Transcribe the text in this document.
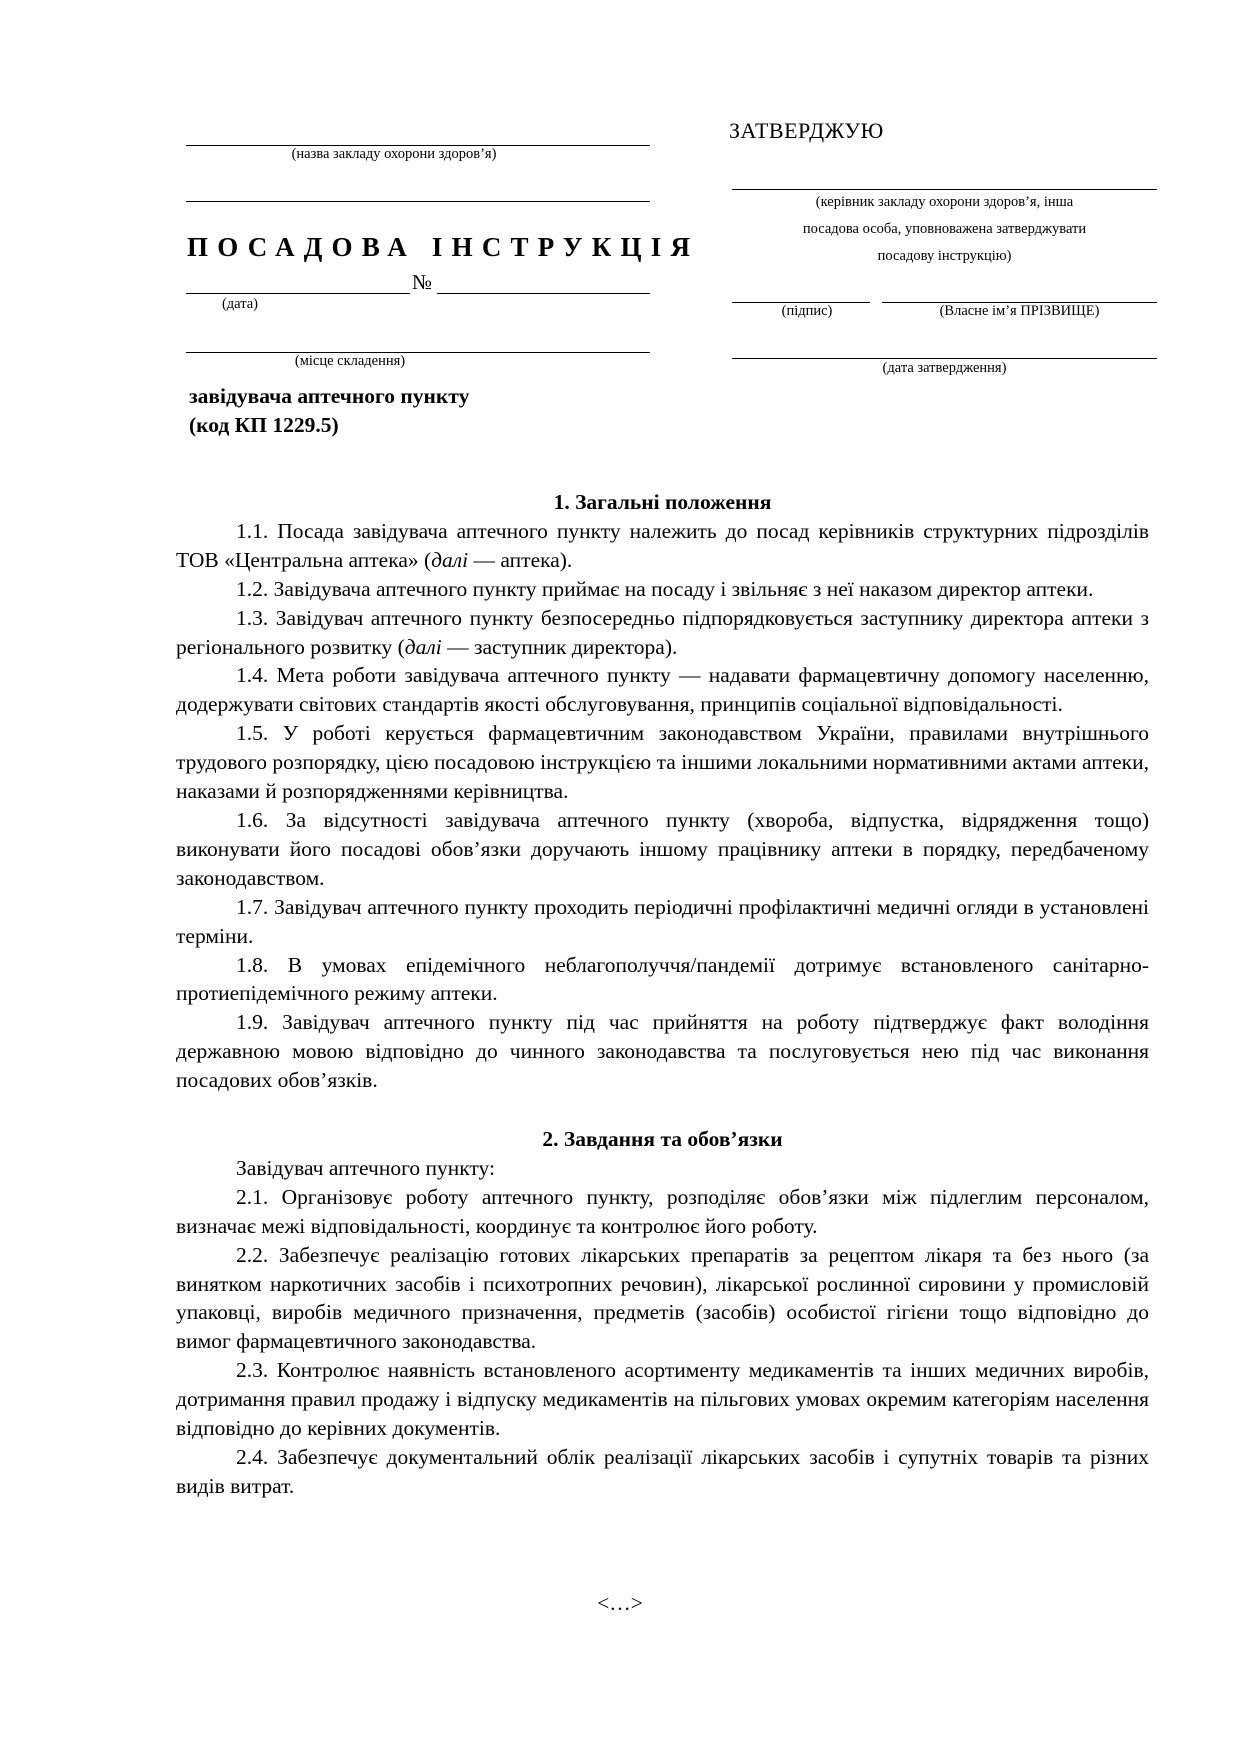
(назва закладу охорони здоров’я)
ПОСАДОВА ІНСТРУКЦІЯ
№
(дата)
(місце складення)
завідувача аптечного пункту
(код КП 1229.5)
ЗАТВЕРДЖУЮ
(керівник закладу охорони здоров’я, інша
посадова особа, уповноважена затверджувати
посадову інструкцію)
(підпис)	(Власне ім’я ПРІЗВИЩЕ)
(дата затвердження)
1. Загальні положення

1.1. Посада завідувача аптечного пункту належить до посад керівників структурних підрозділів ТОВ «Центральна аптека» (далі — аптека).

1.2. Завідувача аптечного пункту приймає на посаду і звільняє з неї наказом директор аптеки.

1.3. Завідувач аптечного пункту безпосередньо підпорядковується заступнику директора аптеки з регіонального розвитку (далі — заступник директора).

1.4. Мета роботи завідувача аптечного пункту — надавати фармацевтичну допомогу населенню, додержувати світових стандартів якості обслуговування, принципів соціальної відповідальності.

1.5. У роботі керується фармацевтичним законодавством України, правилами внутрішнього трудового розпорядку, цією посадовою інструкцією та іншими локальними нормативними актами аптеки, наказами й розпорядженнями керівництва.

1.6. За відсутності завідувача аптечного пункту (хвороба, відпустка, відрядження тощо) виконувати його посадові обов’язки доручають іншому працівнику аптеки в порядку, передбаченому законодавством.

1.7. Завідувач аптечного пункту проходить періодичні профілактичні медичні огляди в установлені терміни.

1.8. В умовах епідемічного неблагополуччя/пандемії дотримує встановленого санітарно-протиепідемічного режиму аптеки.

1.9. Завідувач аптечного пункту під час прийняття на роботу підтверджує факт володіння державною мовою відповідно до чинного законодавства та послуговується нею під час виконання посадових обов’язків.

2. Завдання та обов’язки

Завідувач аптечного пункту:

2.1. Організовує роботу аптечного пункту, розподіляє обов’язки між підлеглим персоналом, визначає межі відповідальності, координує та контролює його роботу.

2.2. Забезпечує реалізацію готових лікарських препаратів за рецептом лікаря та без нього (за винятком наркотичних засобів і психотропних речовин), лікарської рослинної сировини у промисловій упаковці, виробів медичного призначення, предметів (засобів) особистої гігієни тощо відповідно до вимог фармацевтичного законодавства.

2.3. Контролює наявність встановленого асортименту медикаментів та інших медичних виробів, дотримання правил продажу і відпуску медикаментів на пільгових умовах окремим категоріям населення відповідно до керівних документів.

2.4. Забезпечує документальний облік реалізації лікарських засобів і супутніх товарів та різних видів витрат.

<…>
